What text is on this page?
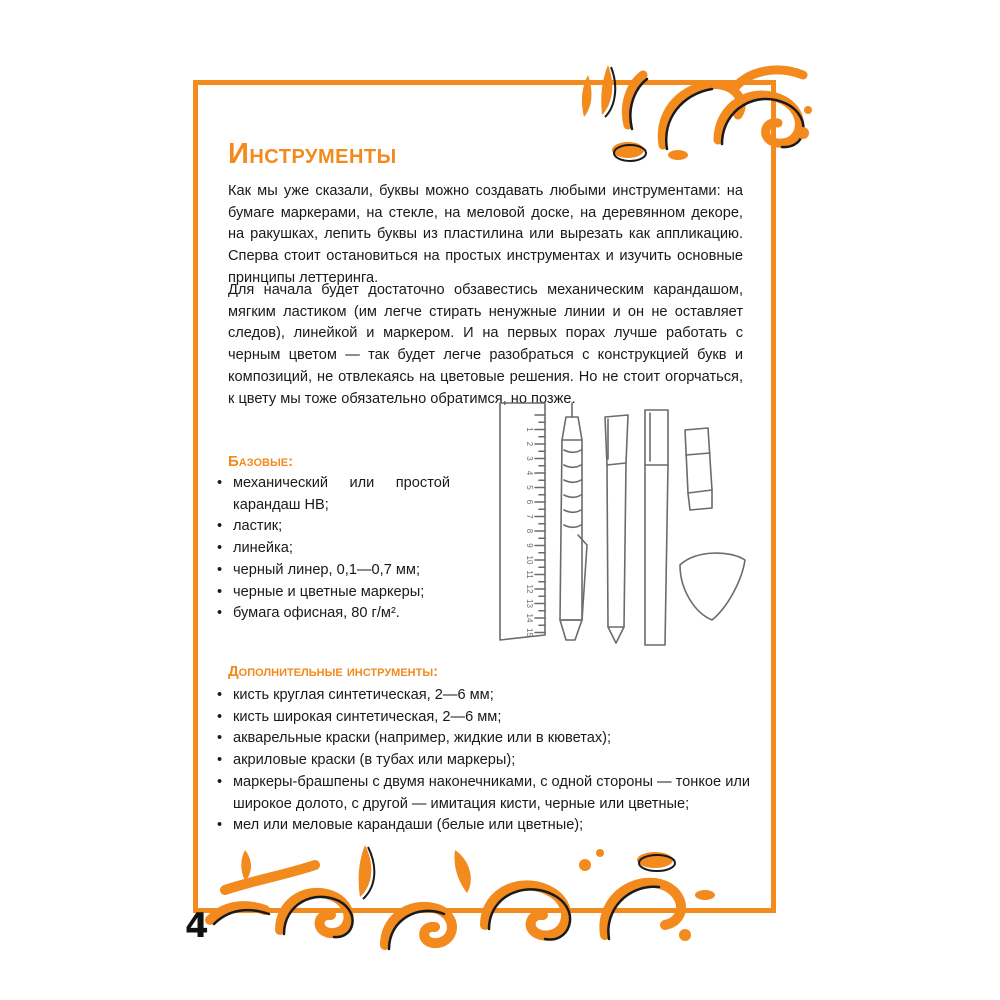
Инструменты

Как мы уже сказали, буквы можно создавать любыми инструментами: на бумаге маркерами, на стекле, на меловой доске, на деревянном декоре, на ракушках, лепить буквы из пластилина или вырезать как аппликацию. Сперва стоит остановиться на простых инструментах и изучить основные принципы леттеринга.

Для начала будет достаточно обзавестись механическим карандашом, мягким ластиком (им легче стирать ненужные линии и он не оставляет следов), линейкой и маркером. И на первых порах лучше работать с черным цветом — так будет легче разобраться с конструкцией букв и композиций, не отвлекаясь на цветовые решения. Но не стоит огорчаться, к цвету мы тоже обязательно обратимся, но позже.

Базовые:
• механический или простой карандаш HB;
• ластик;
• линейка;
• черный линер, 0,1—0,7 мм;
• черные и цветные маркеры;
• бумага офисная, 80 г/м².
1
2
3
4
5
6
7
8
9
10
11
12
13
14
15
Дополнительные инструменты:
• кисть круглая синтетическая, 2—6 мм;
• кисть широкая синтетическая, 2—6 мм;
• акварельные краски (например, жидкие или в кюветах);
• акриловые краски (в тубах или маркеры);
• маркеры-брашпены с двумя наконечниками, с одной стороны — тонкое или широкое долото, с другой — имитация кисти, черные или цветные;
• мел или меловые карандаши (белые или цветные);

4
